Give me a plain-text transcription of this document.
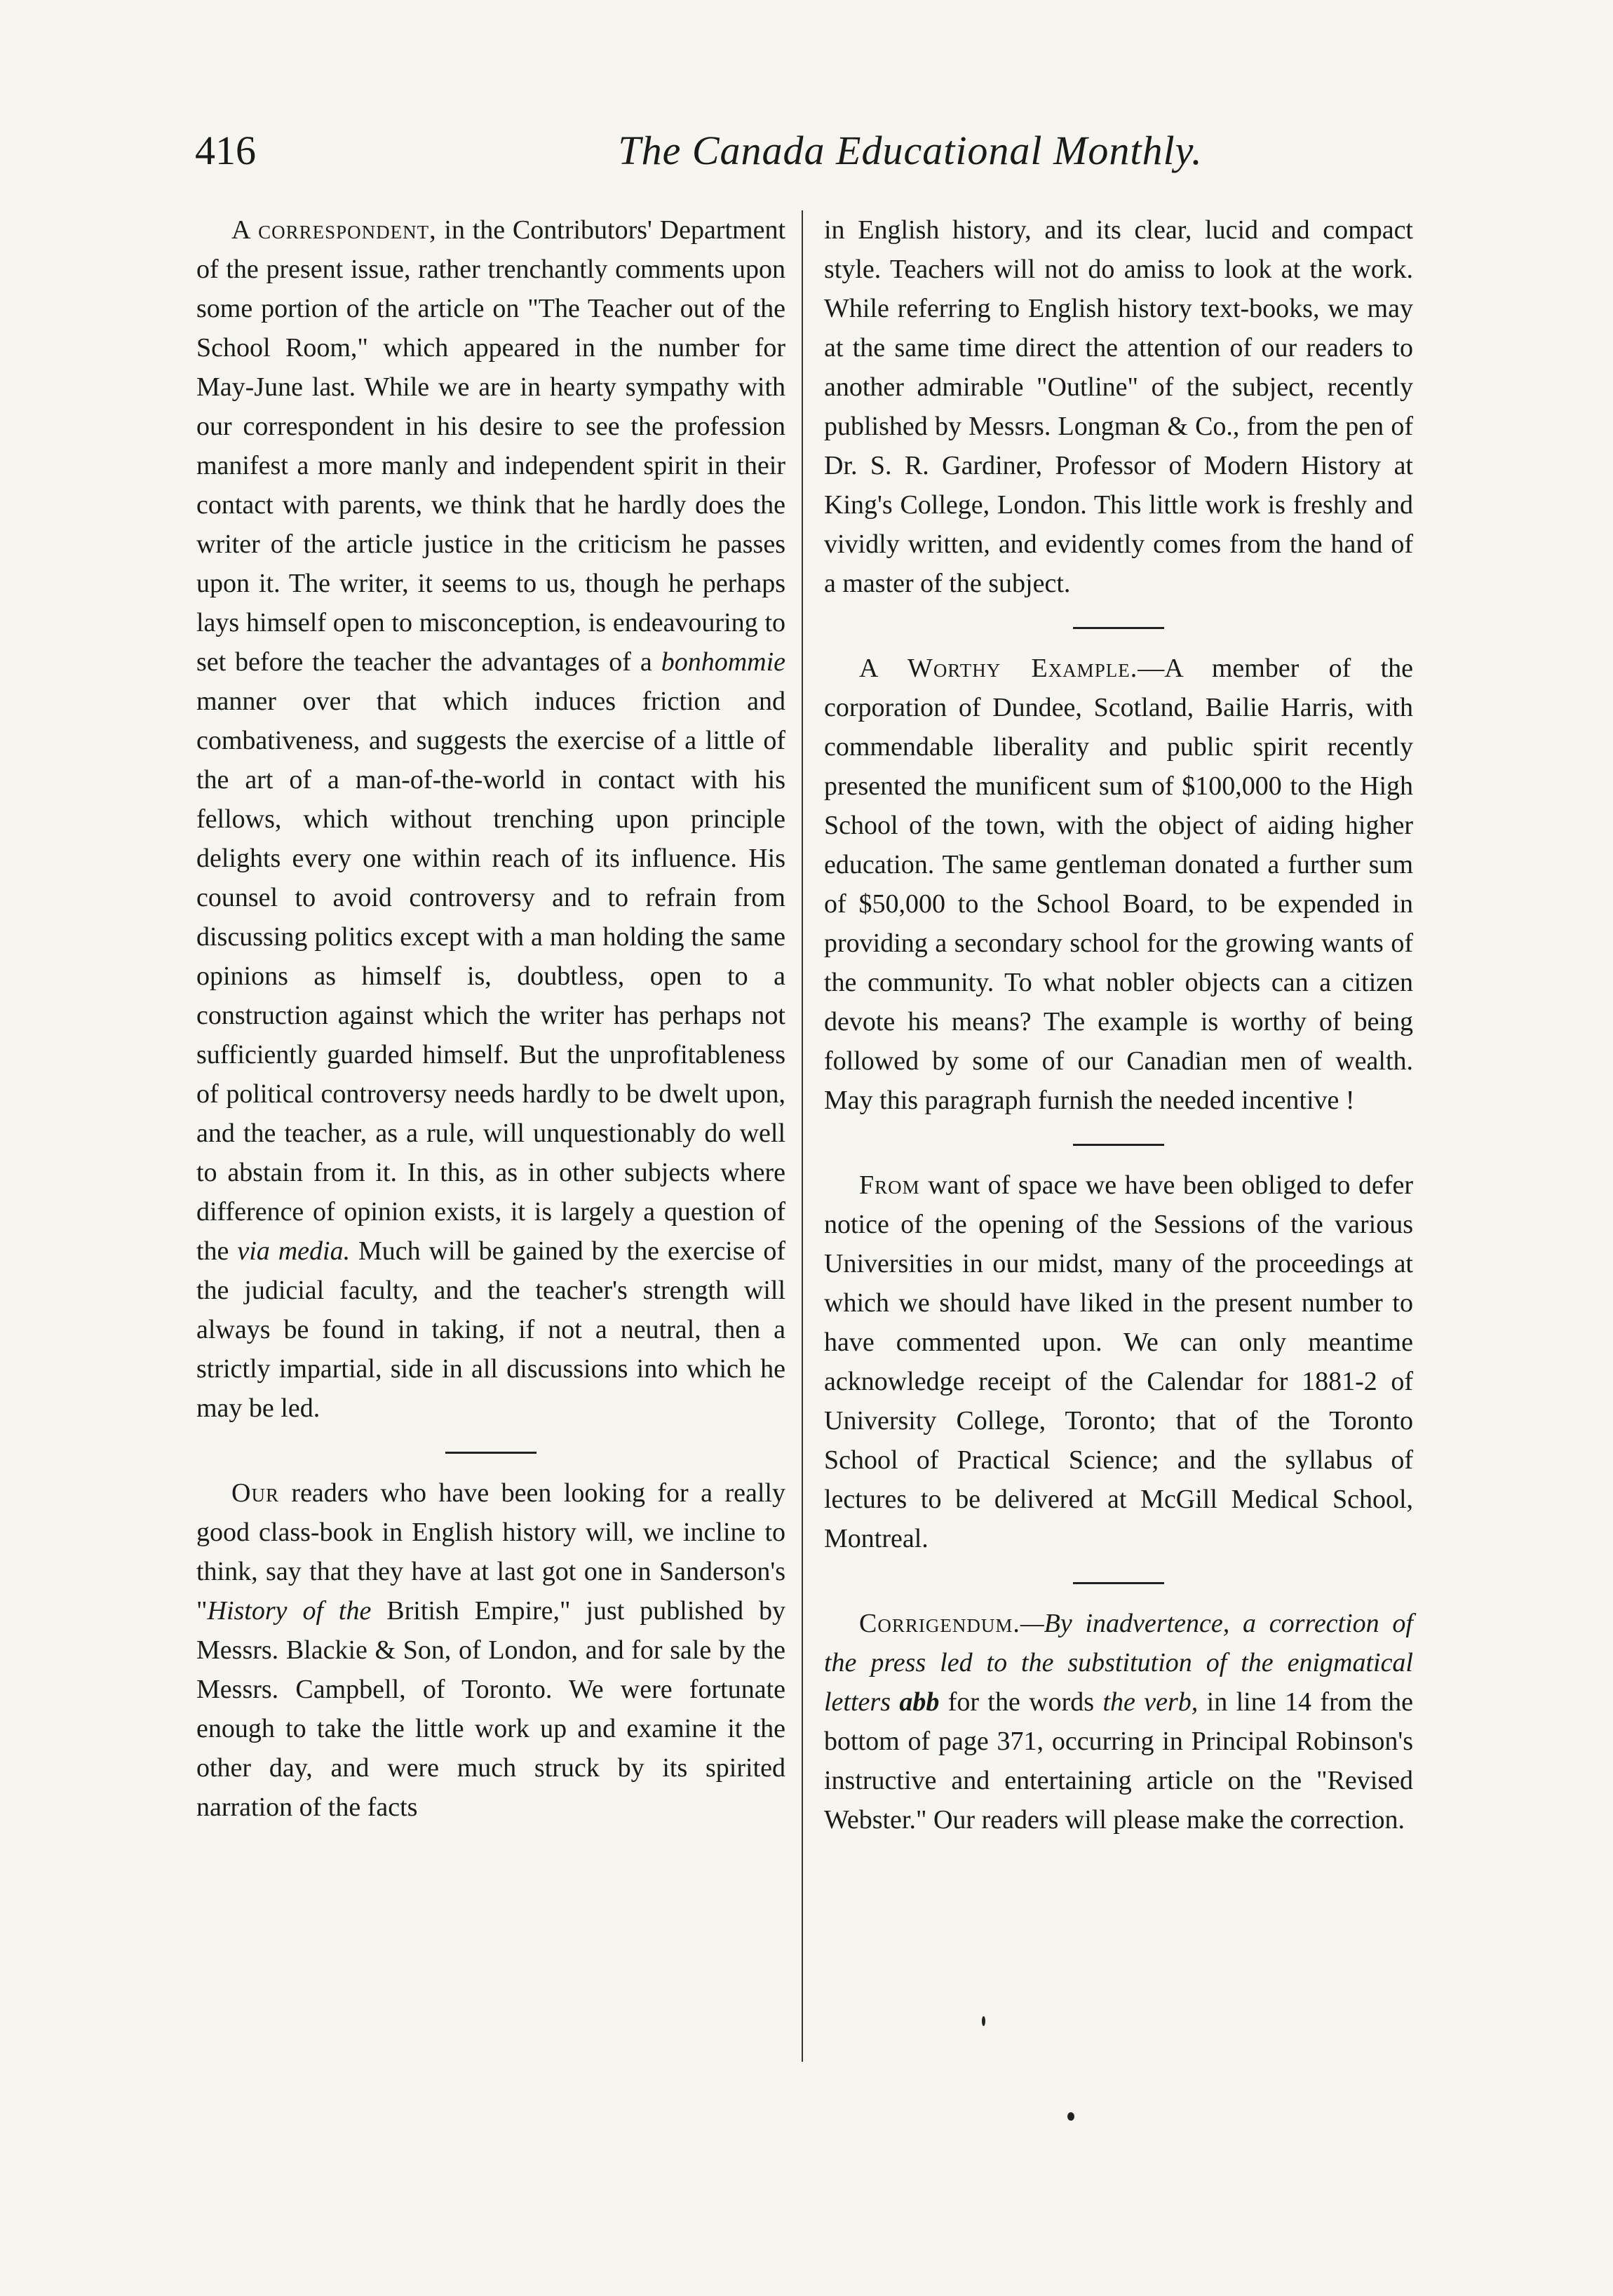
416	The Canada Educational Monthly.

A correspondent, in the Contributors' Department of the present issue, rather trenchantly comments upon some portion of the article on "The Teacher out of the School Room," which appeared in the number for May-June last. While we are in hearty sympathy with our correspondent in his desire to see the profession manifest a more manly and independent spirit in their contact with parents, we think that he hardly does the writer of the article justice in the criticism he passes upon it. The writer, it seems to us, though he perhaps lays himself open to misconception, is endeavouring to set before the teacher the advantages of a bonhommie manner over that which induces friction and combativeness, and suggests the exercise of a little of the art of a man-of-the-world in contact with his fellows, which without trenching upon principle delights every one within reach of its influence. His counsel to avoid controversy and to refrain from discussing politics except with a man holding the same opinions as himself is, doubtless, open to a construction against which the writer has perhaps not sufficiently guarded himself. But the unprofitableness of political controversy needs hardly to be dwelt upon, and the teacher, as a rule, will unquestionably do well to abstain from it. In this, as in other subjects where difference of opinion exists, it is largely a question of the via media. Much will be gained by the exercise of the judicial faculty, and the teacher's strength will always be found in taking, if not a neutral, then a strictly impartial, side in all discussions into which he may be led.

Our readers who have been looking for a really good class-book in English history will, we incline to think, say that they have at last got one in Sanderson's "History of the British Empire," just published by Messrs. Blackie & Son, of London, and for sale by the Messrs. Campbell, of Toronto. We were fortunate enough to take the little work up and examine it the other day, and were much struck by its spirited narration of the facts

in English history, and its clear, lucid and compact style. Teachers will not do amiss to look at the work. While referring to English history text-books, we may at the same time direct the attention of our readers to another admirable "Outline" of the subject, recently published by Messrs. Longman & Co., from the pen of Dr. S. R. Gardiner, Professor of Modern History at King's College, London. This little work is freshly and vividly written, and evidently comes from the hand of a master of the subject.

A Worthy Example.—A member of the corporation of Dundee, Scotland, Bailie Harris, with commendable liberality and public spirit recently presented the munificent sum of $100,000 to the High School of the town, with the object of aiding higher education. The same gentleman donated a further sum of $50,000 to the School Board, to be expended in providing a secondary school for the growing wants of the community. To what nobler objects can a citizen devote his means? The example is worthy of being followed by some of our Canadian men of wealth. May this paragraph furnish the needed incentive !

From want of space we have been obliged to defer notice of the opening of the Sessions of the various Universities in our midst, many of the proceedings at which we should have liked in the present number to have commented upon. We can only meantime acknowledge receipt of the Calendar for 1881-2 of University College, Toronto; that of the Toronto School of Practical Science; and the syllabus of lectures to be delivered at McGill Medical School, Montreal.

Corrigendum.—By inadvertence, a correction of the press led to the substitution of the enigmatical letters abb for the words the verb, in line 14 from the bottom of page 371, occurring in Principal Robinson's instructive and entertaining article on the "Revised Webster." Our readers will please make the correction.
